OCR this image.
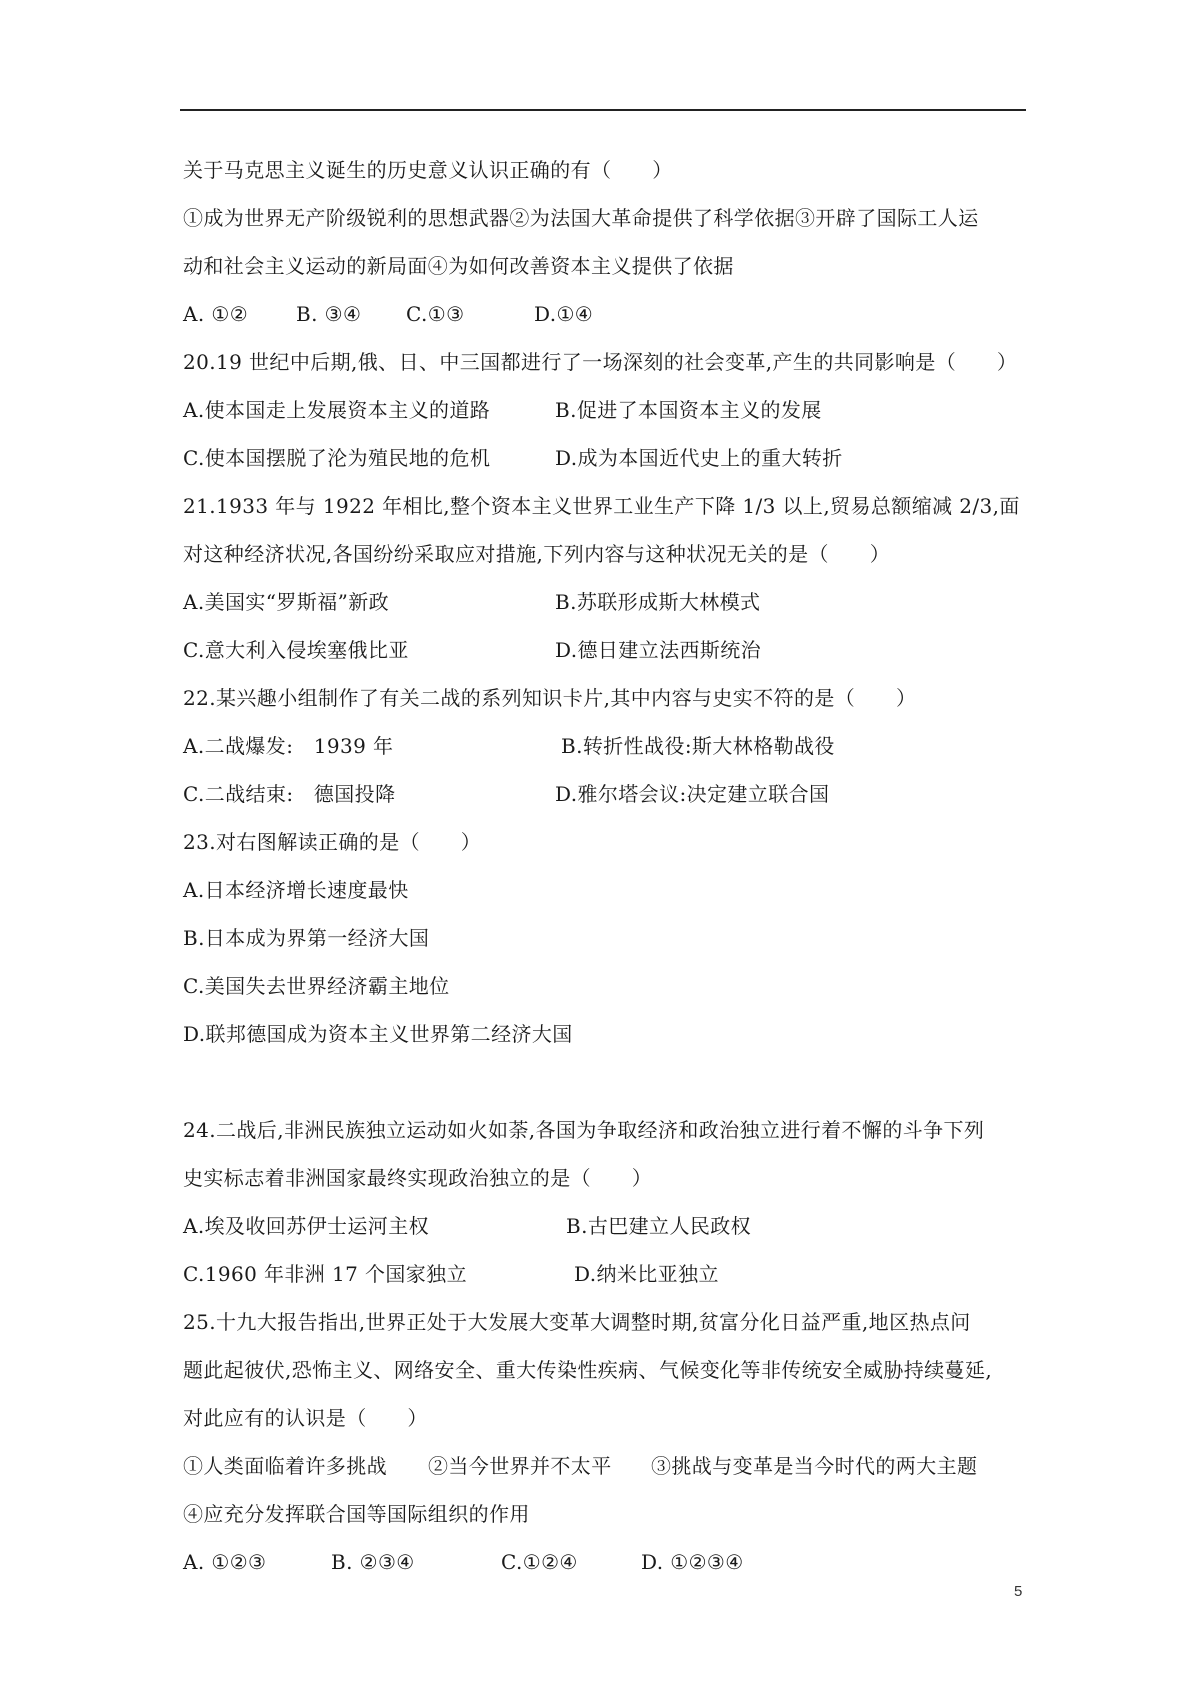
关于马克思主义诞生的历史意义认识正确的有（　　）
①成为世界无产阶级锐利的思想武器②为法国大革命提供了科学依据③开辟了国际工人运
动和社会主义运动的新局面④为如何改善资本主义提供了依据
A. ①② B. ③④ C.①③	D.①④
20.19 世纪中后期,俄、日、中三国都进行了一场深刻的社会变革,产生的共同影响是（　　）
A.使本国走上发展资本主义的道路	B.促进了本国资本主义的发展
C.使本国摆脱了沦为殖民地的危机	D.成为本国近代史上的重大转折
21.1933 年与 1922 年相比,整个资本主义世界工业生产下降 1/3 以上,贸易总额缩减 2/3,面
对这种经济状况,各国纷纷采取应对措施,下列内容与这种状况无关的是（　　）
A.美国实“罗斯福”新政	B.苏联形成斯大林模式
C.意大利入侵埃塞俄比亚	D.德日建立法西斯统治
22.某兴趣小组制作了有关二战的系列知识卡片,其中内容与史实不符的是（　　）
A.二战爆发:　1939 年	B.转折性战役:斯大林格勒战役
C.二战结束:　德国投降	D.雅尔塔会议:决定建立联合国
23.对右图解读正确的是（　　）
A.日本经济增长速度最快
B.日本成为界第一经济大国
C.美国失去世界经济霸主地位
D.联邦德国成为资本主义世界第二经济大国
24.二战后,非洲民族独立运动如火如荼,各国为争取经济和政治独立进行着不懈的斗争下列
史实标志着非洲国家最终实现政治独立的是（　　）
A.埃及收回苏伊士运河主权	B.古巴建立人民政权
C.1960 年非洲 17 个国家独立	D.纳米比亚独立
25.十九大报告指出,世界正处于大发展大变革大调整时期,贫富分化日益严重,地区热点问
题此起彼伏,恐怖主义、网络安全、重大传染性疾病、气候变化等非传统安全威胁持续蔓延,
对此应有的认识是（　　）
①人类面临着许多挑战 ②当今世界并不太平 ③挑战与变革是当今时代的两大主题
④应充分发挥联合国等国际组织的作用
A. ①②③	B. ②③④	C.①②④	D. ①②③④
5
